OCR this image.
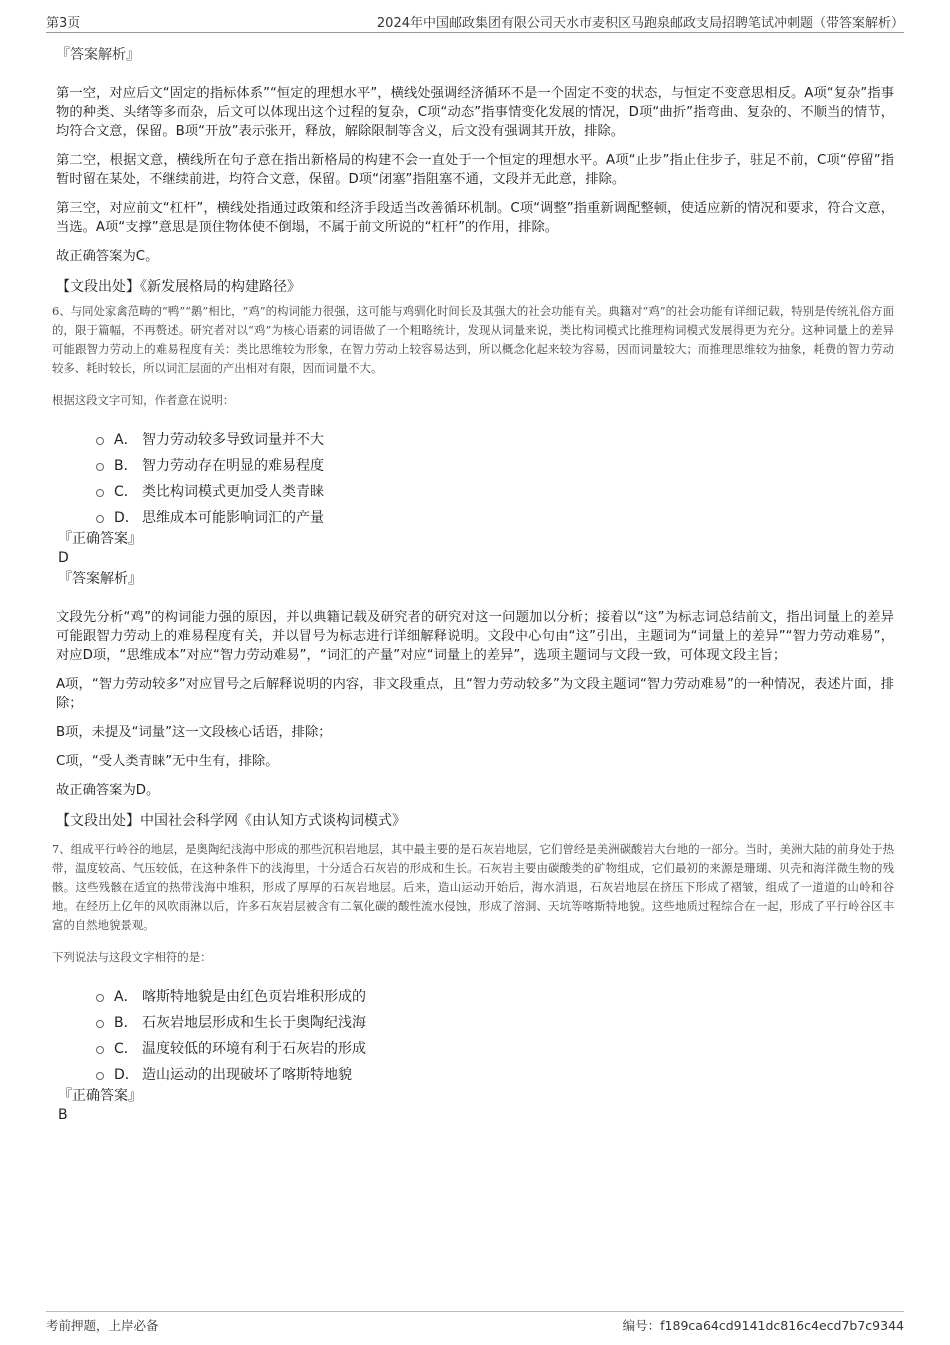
第3页	2024年中国邮政集团有限公司天水市麦积区马跑泉邮政支局招聘笔试冲刺题（带答案解析）
『答案解析』

第一空，对应后文“固定的指标体系”“恒定的理想水平”，横线处强调经济循环不是一个固定不变的状态，与恒定不变意思相反。A项“复杂”指事物的种类、头绪等多而杂，后文可以体现出这个过程的复杂，C项“动态”指事情变化发展的情况，D项“曲折”指弯曲、复杂的、不顺当的情节，均符合文意，保留。B项“开放”表示张开，释放，解除限制等含义，后文没有强调其开放，排除。

第二空，根据文意，横线所在句子意在指出新格局的构建不会一直处于一个恒定的理想水平。A项“止步”指止住步子，驻足不前，C项“停留”指暂时留在某处，不继续前进，均符合文意，保留。D项“闭塞”指阻塞不通，文段并无此意，排除。

第三空，对应前文“杠杆”，横线处指通过政策和经济手段适当改善循环机制。C项“调整”指重新调配整顿，使适应新的情况和要求，符合文意，当选。A项“支撑”意思是顶住物体使不倒塌，不属于前文所说的“杠杆”的作用，排除。

故正确答案为C。

【文段出处】《新发展格局的构建路径》

6、与同处家禽范畴的“鸭”“鹅”相比，“鸡”的构词能力很强，这可能与鸡驯化时间长及其强大的社会功能有关。典籍对“鸡”的社会功能有详细记载，特别是传统礼俗方面的，限于篇幅，不再赘述。研究者对以“鸡”为核心语素的词语做了一个粗略统计，发现从词量来说，类比构词模式比推理构词模式发展得更为充分。这种词量上的差异可能跟智力劳动上的难易程度有关：类比思维较为形象，在智力劳动上较容易达到，所以概念化起来较为容易，因而词量较大；而推理思维较为抽象，耗费的智力劳动较多、耗时较长，所以词汇层面的产出相对有限，因而词量不大。

根据这段文字可知，作者意在说明：
A． 智力劳动较多导致词量并不大
B． 智力劳动存在明显的难易程度
C． 类比构词模式更加受人类青睐
D． 思维成本可能影响词汇的产量
『正确答案』
D
『答案解析』

文段先分析“鸡”的构词能力强的原因，并以典籍记载及研究者的研究对这一问题加以分析；接着以“这”为标志词总结前文，指出词量上的差异可能跟智力劳动上的难易程度有关，并以冒号为标志进行详细解释说明。文段中心句由“这”引出，主题词为“词量上的差异”“智力劳动难易”，对应D项，“思维成本”对应“智力劳动难易”，“词汇的产量”对应“词量上的差异”，选项主题词与文段一致，可体现文段主旨；

A项，“智力劳动较多”对应冒号之后解释说明的内容，非文段重点，且“智力劳动较多”为文段主题词“智力劳动难易”的一种情况，表述片面，排除；

B项，未提及“词量”这一文段核心话语，排除；

C项，“受人类青睐”无中生有，排除。

故正确答案为D。

【文段出处】中国社会科学网《由认知方式谈构词模式》

7、组成平行岭谷的地层，是奥陶纪浅海中形成的那些沉积岩地层，其中最主要的是石灰岩地层，它们曾经是美洲碳酸岩大台地的一部分。当时，美洲大陆的前身处于热带，温度较高、气压较低，在这种条件下的浅海里，十分适合石灰岩的形成和生长。石灰岩主要由碳酸类的矿物组成，它们最初的来源是珊瑚、贝壳和海洋微生物的残骸。这些残骸在适宜的热带浅海中堆积，形成了厚厚的石灰岩地层。后来，造山运动开始后，海水消退，石灰岩地层在挤压下形成了褶皱，组成了一道道的山岭和谷地。在经历上亿年的风吹雨淋以后，许多石灰岩层被含有二氧化碳的酸性流水侵蚀，形成了溶洞、天坑等喀斯特地貌。这些地质过程综合在一起，形成了平行岭谷区丰富的自然地貌景观。

下列说法与这段文字相符的是：
A． 喀斯特地貌是由红色页岩堆积形成的
B． 石灰岩地层形成和生长于奥陶纪浅海
C． 温度较低的环境有利于石灰岩的形成
D． 造山运动的出现破坏了喀斯特地貌
『正确答案』
B
考前押题，上岸必备	编号：f189ca64cd9141dc816c4ecd7b7c9344
